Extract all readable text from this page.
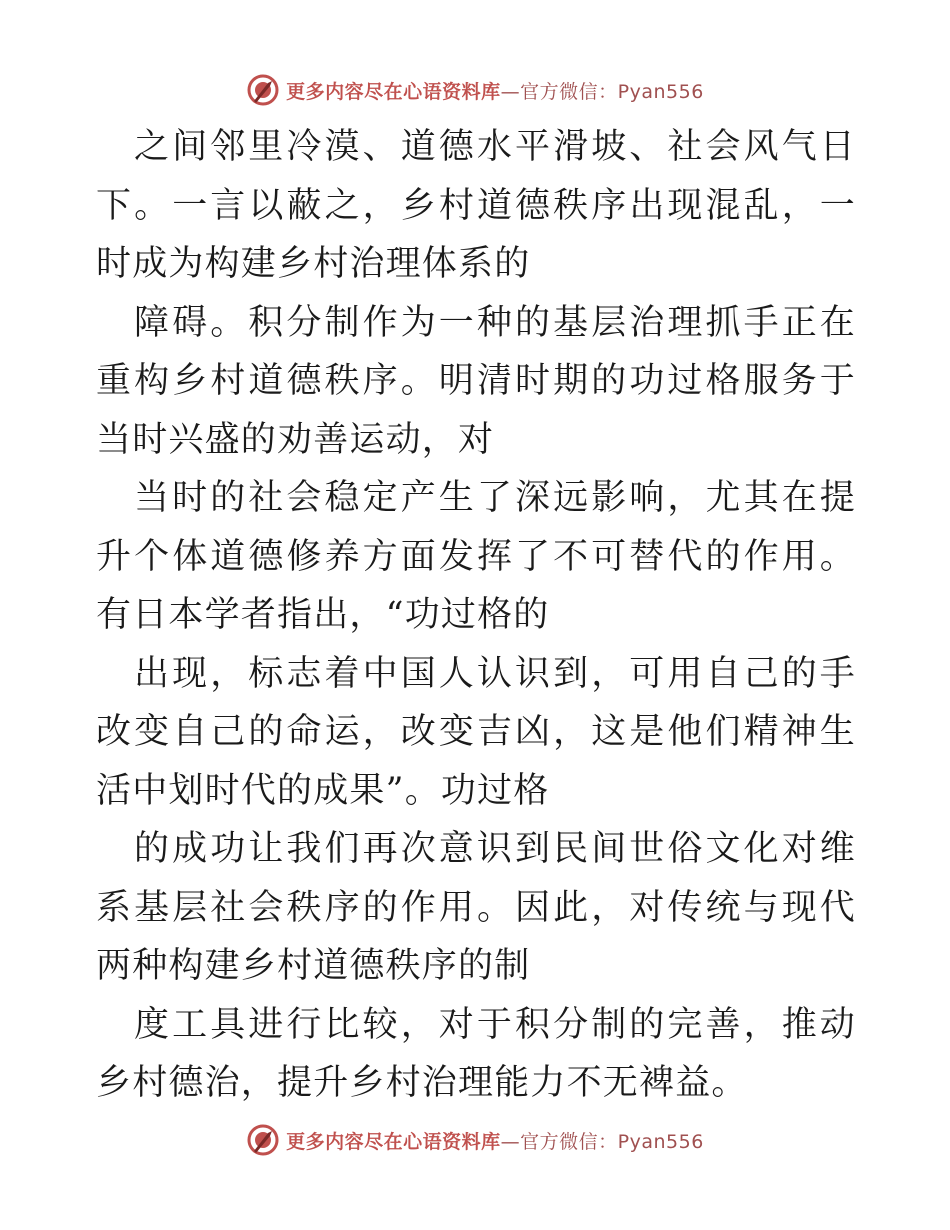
更多内容尽在心语资料库—官方微信：Pyan556

之间邻里冷漠、道德水平滑坡、社会风气日下。一言以蔽之，乡村道德秩序出现混乱，一时成为构建乡村治理体系的

障碍。积分制作为一种的基层治理抓手正在重构乡村道德秩序。明清时期的功过格服务于当时兴盛的劝善运动，对

当时的社会稳定产生了深远影响，尤其在提升个体道德修养方面发挥了不可替代的作用。有日本学者指出，“功过格的

出现，标志着中国人认识到，可用自己的手改变自己的命运，改变吉凶，这是他们精神生活中划时代的成果”。功过格

的成功让我们再次意识到民间世俗文化对维系基层社会秩序的作用。因此，对传统与现代两种构建乡村道德秩序的制

度工具进行比较，对于积分制的完善，推动乡村德治，提升乡村治理能力不无裨益。

更多内容尽在心语资料库—官方微信：Pyan556
